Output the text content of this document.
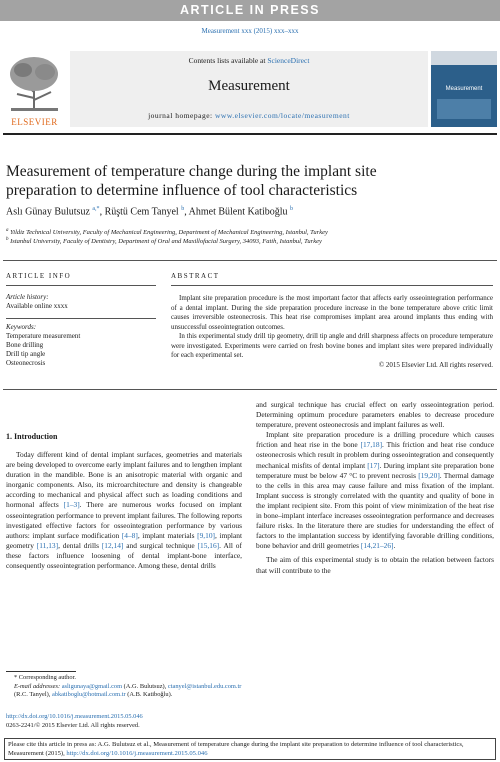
ARTICLE IN PRESS
Measurement xxx (2015) xxx–xxx
ELSEVIER
Contents lists available at ScienceDirect
Measurement
journal homepage: www.elsevier.com/locate/measurement
Measurement
Measurement of temperature change during the implant site
preparation to determine influence of tool characteristics
Aslı Günay Bulutsuz $^{a,*}$, Rüştü Cem Tanyel $^b$, Ahmet Bülent Katiboğlu $^b$
$^a$ Yildiz Technical University, Faculty of Mechanical Engineering, Department of Mechanical Engineering, Istanbul, Turkey
$^b$ Istanbul University, Faculty of Dentistry, Department of Oral and Maxillofacial Surgery, 34093, Fatih, Istanbul, Turkey
ARTICLE INFO
Article history:
Available online xxxx
Keywords:
Temperature measurement
Bone drilling
Drill tip angle
Osteonecrosis
ABSTRACT

Implant site preparation procedure is the most important factor that affects early osseointegration performance of a dental implant. During the side preparation procedure increase in the bone temperature above critic limit causes irreversible osteonecrosis. This heat rise compromises implant area around implants thus ending with unsuccessful osseointegration outcomes.

In this experimental study drill tip geometry, drill tip angle and drill sharpness affects on procedure temperature were investigated. Experiments were carried on fresh bovine bones and implant sites were prepared individually for each experimental set.

© 2015 Elsevier Ltd. All rights reserved.
1. Introduction

Today different kind of dental implant surfaces, geometries and materials are being developed to overcome early implant failures and to lengthen implant duration in the mandible. Bone is an anisotropic material with organic and inorganic components. Also, its microarchitecture and density is changeable according to mechanical and physical affect such as loading conditions and hormonal affects [1–3]. There are numerous works focused on implant osseointegration performance to prevent implant failures. The following reports investigated effective factors for osseointegration performance by various authors: implant surface modification [4–8], implant materials [9,10], implant geometry [11,13], dental drills [12,14] and surgical technique [15,16]. All of these factors influence loosening of dental implant-bone interface, consequently osseointegration performance. Among these, dental drills

* Corresponding author.
E-mail addresses: asligunaya@gmail.com (A.G. Bulutsuz), ctanyel@istanbul.edu.com.tr (R.C. Tanyel), abkatiboglu@hotmail.com.tr (A.B. Katiboğlu).
http://dx.doi.org/10.1016/j.measurement.2015.05.046
0263-2241/© 2015 Elsevier Ltd. All rights reserved.

and surgical technique has crucial effect on early osseointegration period. Determining optimum procedure parameters enables to decrease procedure temperature, prevent osteonecrosis and implant failures as well.

Implant site preparation procedure is a drilling procedure which causes friction and heat rise in the bone [17,18]. This friction and heat rise conduce osteonecrosis which result in problem during osseointegration and consequently mechanical misfits of dental implant [17]. During implant site preparation bone temperature must be below 47 °C to prevent necrosis [19,20]. Thermal damage to the cells in this area may cause failure and miss fixation of the implant. Implant success is strongly correlated with the quantity and quality of bone in the implant recipient site. From this point of view minimization of the heat rise in bone–implant interface increases osseointegration performance and decreases failure risks. In the literature there are studies for understanding the effect of factors to the implantation success by identifying favorable drilling conditions, bone behavior and drill geometries [14,21–26].

The aim of this experimental study is to obtain the relation between factors that will contribute to the

Please cite this article in press as: A.G. Bulutsuz et al., Measurement of temperature change during the implant site preparation to determine influence of tool characteristics, Measurement (2015), http://dx.doi.org/10.1016/j.measurement.2015.05.046
